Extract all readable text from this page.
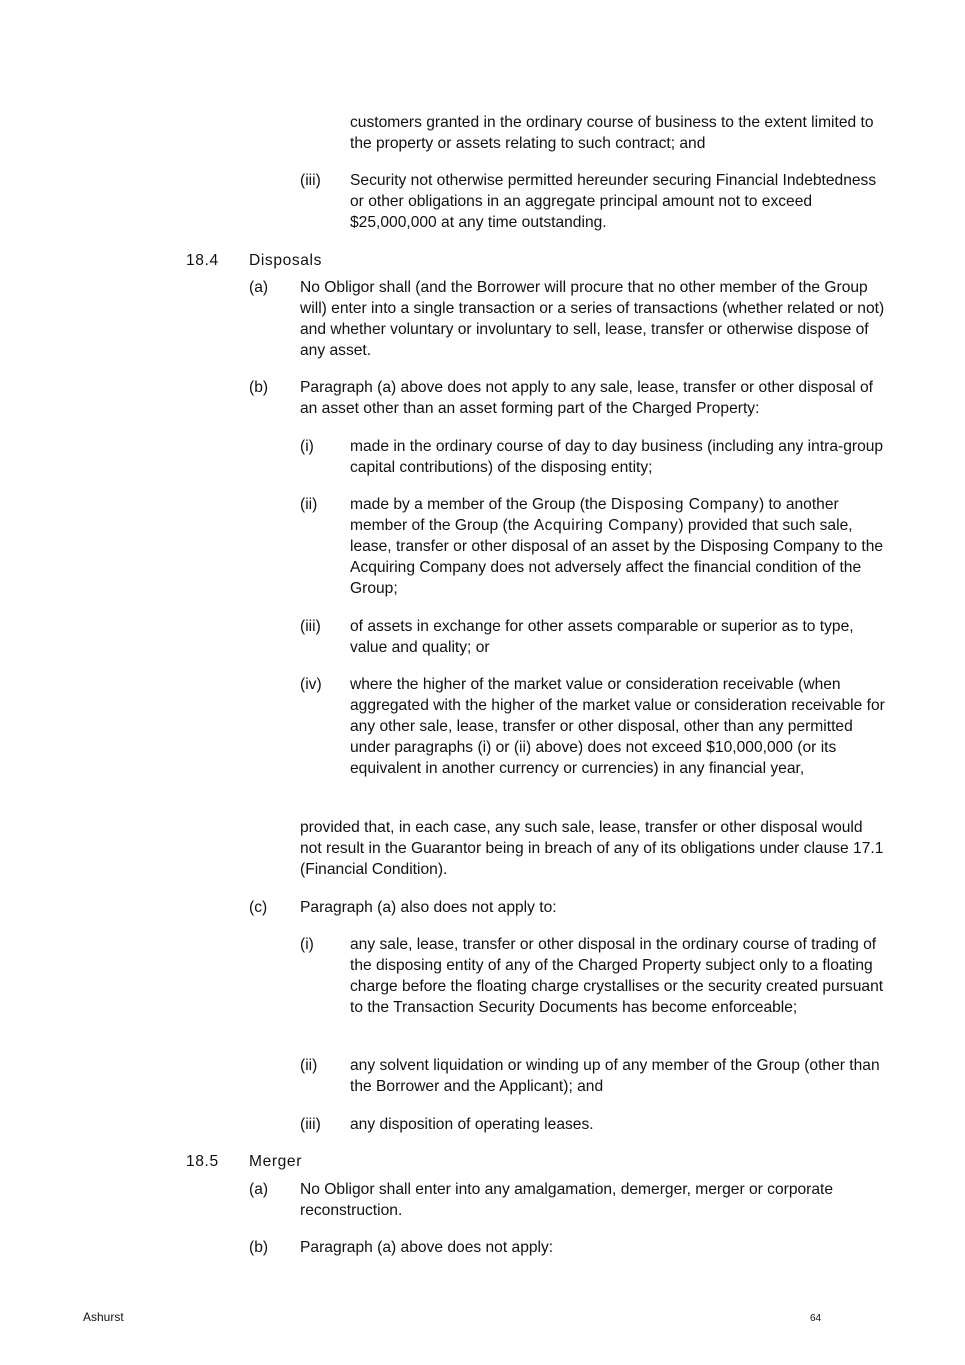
customers granted in the ordinary course of business to the extent limited to the property or assets relating to such contract; and
(iii) Security not otherwise permitted hereunder securing Financial Indebtedness or other obligations in an aggregate principal amount not to exceed $25,000,000 at any time outstanding.
18.4 Disposals
(a) No Obligor shall (and the Borrower will procure that no other member of the Group will) enter into a single transaction or a series of transactions (whether related or not) and whether voluntary or involuntary to sell, lease, transfer or otherwise dispose of any asset.
(b) Paragraph (a) above does not apply to any sale, lease, transfer or other disposal of an asset other than an asset forming part of the Charged Property:
(i) made in the ordinary course of day to day business (including any intra-group capital contributions) of the disposing entity;
(ii) made by a member of the Group (the Disposing Company) to another member of the Group (the Acquiring Company) provided that such sale, lease, transfer or other disposal of an asset by the Disposing Company to the Acquiring Company does not adversely affect the financial condition of the Group;
(iii) of assets in exchange for other assets comparable or superior as to type, value and quality; or
(iv) where the higher of the market value or consideration receivable (when aggregated with the higher of the market value or consideration receivable for any other sale, lease, transfer or other disposal, other than any permitted under paragraphs (i) or (ii) above) does not exceed $10,000,000 (or its equivalent in another currency or currencies) in any financial year,
provided that, in each case, any such sale, lease, transfer or other disposal would not result in the Guarantor being in breach of any of its obligations under clause 17.1 (Financial Condition).
(c) Paragraph (a) also does not apply to:
(i) any sale, lease, transfer or other disposal in the ordinary course of trading of the disposing entity of any of the Charged Property subject only to a floating charge before the floating charge crystallises or the security created pursuant to the Transaction Security Documents has become enforceable;
(ii) any solvent liquidation or winding up of any member of the Group (other than the Borrower and the Applicant); and
(iii) any disposition of operating leases.
18.5 Merger
(a) No Obligor shall enter into any amalgamation, demerger, merger or corporate reconstruction.
(b) Paragraph (a) above does not apply:
Ashurst	64
